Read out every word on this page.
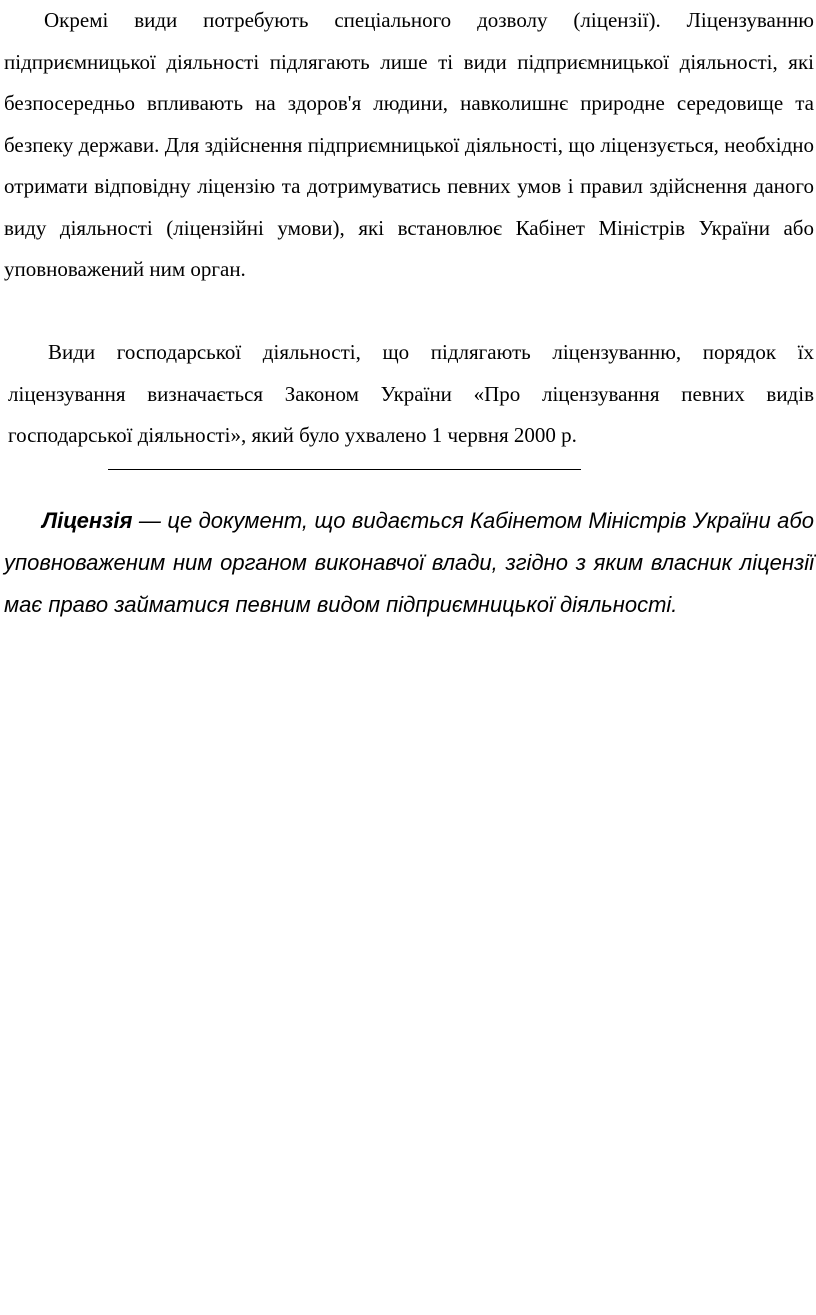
Окремі види потребують спеціального дозволу (ліцензії). Ліцензуванню підприємницької діяльності підлягають лише ті види підприємницької діяльності, які безпосередньо впливають на здоров'я людини, навколишнє природне середовище та безпеку держави. Для здійснення підприємницької діяльності, що ліцензується, необхідно отримати відповідну ліцензію та дотримуватись певних умов і правил здійснення даного виду діяльності (ліцензійні умови), які встановлює Кабінет Міністрів України або уповноважений ним орган.

Види господарської діяльності, що підлягають ліцензуванню, порядок їх ліцензування визначається Законом України «Про ліцензування певних видів господарської діяльності», який було ухвалено 1 червня 2000 р.

Ліцензія — це документ, що видається Кабінетом Міністрів України або уповноваженим ним органом виконавчої влади, згідно з яким власник ліцензії має право займатися певним видом підприємницької діяльності.
